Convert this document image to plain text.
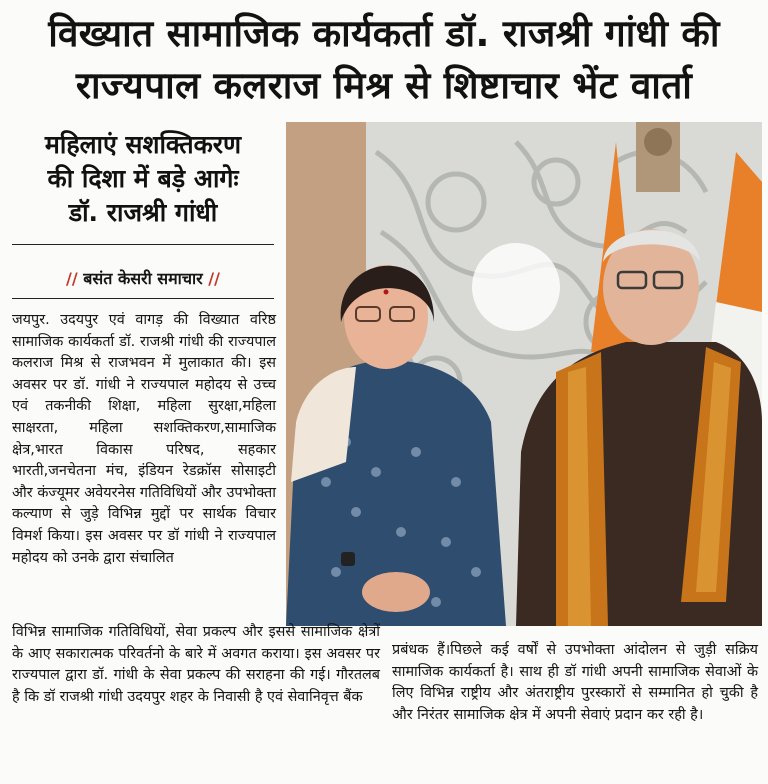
विख्यात सामाजिक कार्यकर्ता डॉ. राजश्री गांधी की
राज्यपाल कलराज मिश्र से शिष्टाचार भेंट वार्ता
महिलाएं सशक्तिकरण
की दिशा में बड़े आगेः
डॉ. राजश्री गांधी
// बसंत केसरी समाचार //

जयपुर. उदयपुर एवं वागड़ की विख्यात वरिष्ठ सामाजिक कार्यकर्ता डॉ. राजश्री गांधी की राज्यपाल कलराज मिश्र से राजभवन में मुलाकात की। इस अवसर पर डॉ. गांधी ने राज्यपाल महोदय से उच्च एवं तकनीकी शिक्षा, महिला सुरक्षा,महिला साक्षरता, महिला सशक्तिकरण,सामाजिक क्षेत्र,भारत विकास परिषद, सहकार भारती,जनचेतना मंच, इंडियन रेडक्रॉस सोसाइटी और कंज्यूमर अवेयरनेस गतिविधियों और उपभोक्ता कल्याण से जुड़े विभिन्न मुद्दों पर सार्थक विचार विमर्श किया। इस अवसर पर डॉ गांधी ने राज्यपाल महोदय को उनके द्वारा संचालित

विभिन्न सामाजिक गतिविधियों, सेवा प्रकल्प और इससे सामाजिक क्षेत्रों के आए सकारात्मक परिवर्तनो के बारे में अवगत कराया। इस अवसर पर राज्यपाल द्वारा डॉ. गांधी के सेवा प्रकल्प की सराहना की गई। गौरतलब है कि डॉ राजश्री गांधी उदयपुर शहर के निवासी है एवं सेवानिवृत्त बैंक

प्रबंधक हैं।पिछले कई वर्षों से उपभोक्ता आंदोलन से जुड़ी सक्रिय सामाजिक कार्यकर्ता है। साथ ही डॉ गांधी अपनी सामाजिक सेवाओं के लिए विभिन्न राष्ट्रीय और अंतराष्ट्रीय पुरस्कारों से सम्मानित हो चुकी है और निरंतर सामाजिक क्षेत्र में अपनी सेवाएं प्रदान कर रही है।
